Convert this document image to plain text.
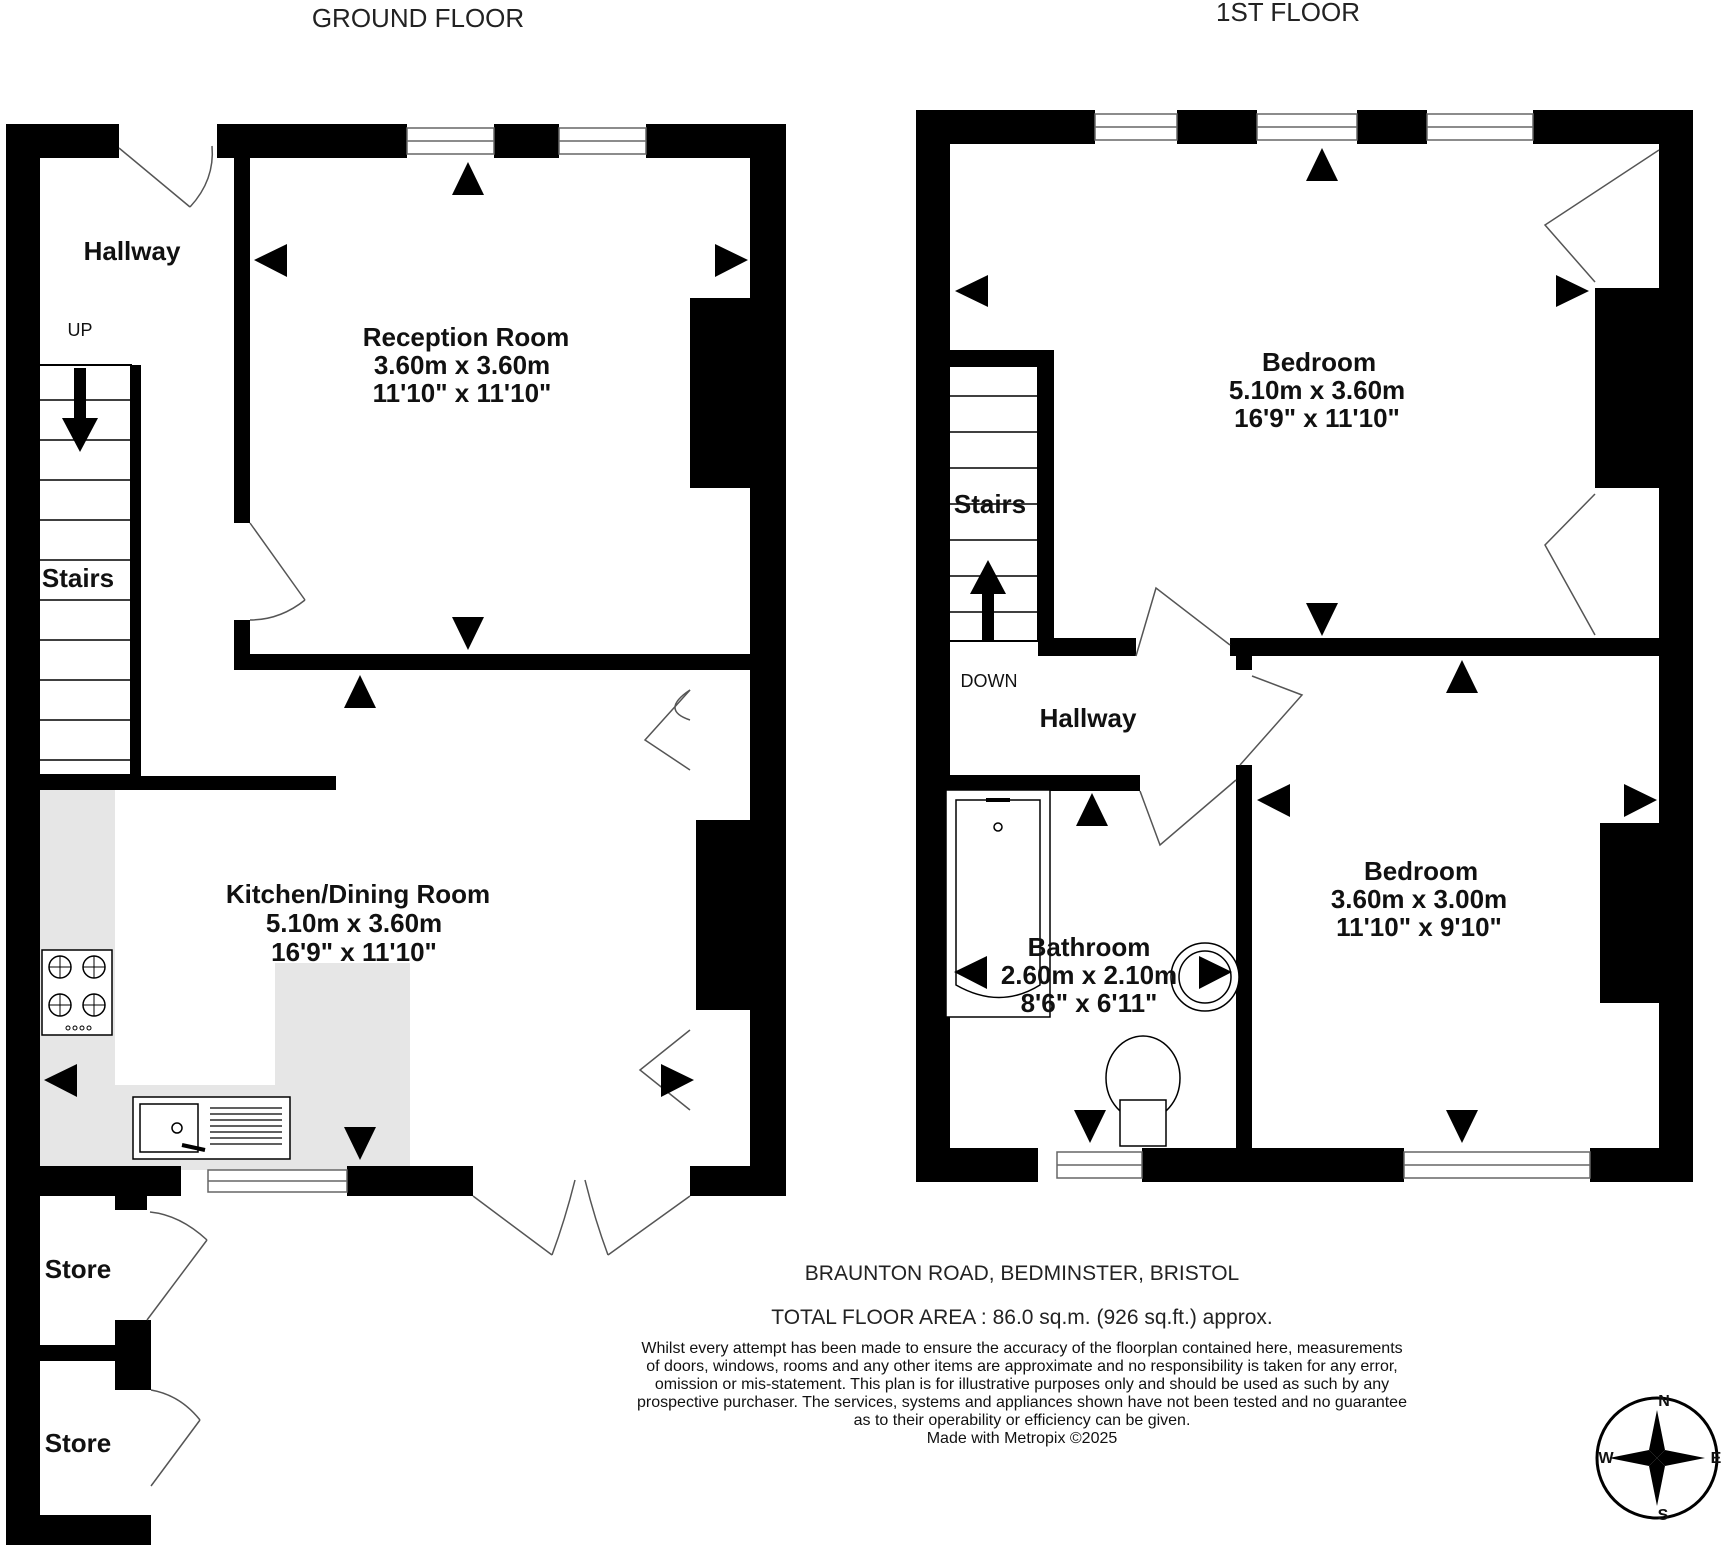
GROUND FLOOR
Hallway
UP
Stairs
Reception Room
3.60m x 3.60m
11'10" x 11'10"
Kitchen/Dining Room
5.10m x 3.60m
16'9" x 11'10"
Store
Store
1ST FLOOR
Stairs
DOWN
Hallway
Bedroom
5.10m x 3.60m
16'9" x 11'10"
Bedroom
3.60m x 3.00m
11'10" x 9'10"
Bathroom
2.60m x 2.10m
8'6" x 6'11"
BRAUNTON ROAD, BEDMINSTER, BRISTOL
TOTAL FLOOR AREA : 86.0 sq.m. (926 sq.ft.) approx.
Whilst every attempt has been made to ensure the accuracy of the floorplan contained here, measurements
of doors, windows, rooms and any other items are approximate and no responsibility is taken for any error,
omission or mis-statement. This plan is for illustrative purposes only and should be used as such by any
prospective purchaser. The services, systems and appliances shown have not been tested and no guarantee
as to their operability or efficiency can be given.
Made with Metropix ©2025
N
E
S
W
